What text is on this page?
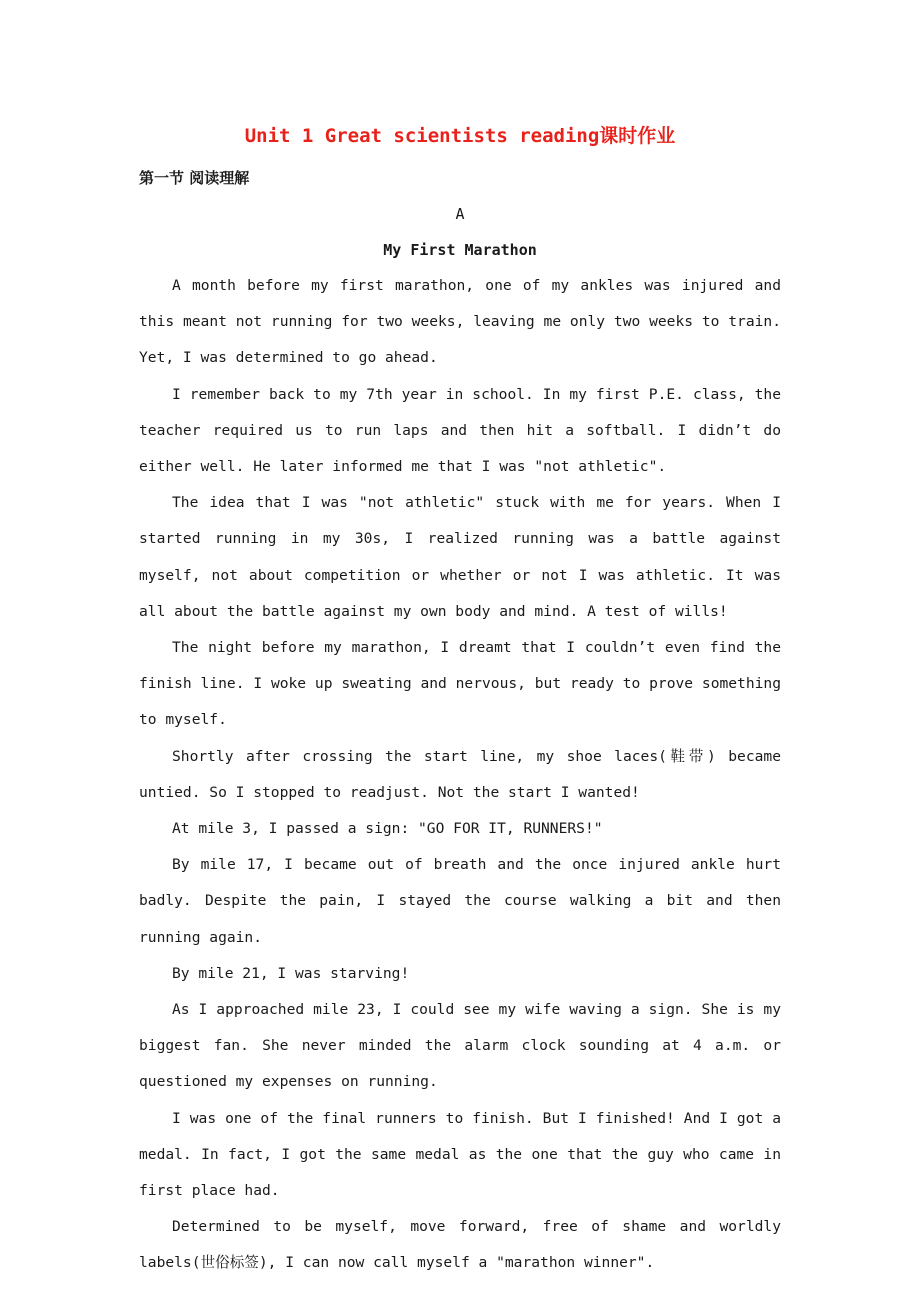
Unit 1 Great scientists reading课时作业
第一节 阅读理解
A
My First Marathon

A month before my first marathon, one of my ankles was injured and this meant not running for two weeks, leaving me only two weeks to train. Yet, I was determined to go ahead.

I remember back to my 7th year in school. In my first P.E. class, the teacher required us to run laps and then hit a softball. I didn’t do either well. He later informed me that I was "not athletic".

The idea that I was "not athletic" stuck with me for years. When I started running in my 30s, I realized running was a battle against myself, not about competition or whether or not I was athletic. It was all about the battle against my own body and mind. A test of wills!

The night before my marathon, I dreamt that I couldn’t even find the finish line. I woke up sweating and nervous, but ready to prove something to myself.

Shortly after crossing the start line, my shoe laces(鞋带) became untied. So I stopped to readjust. Not the start I wanted!

At mile 3, I passed a sign: "GO FOR IT, RUNNERS!"

By mile 17, I became out of breath and the once injured ankle hurt badly. Despite the pain, I stayed the course walking a bit and then running again.

By mile 21, I was starving!

As I approached mile 23, I could see my wife waving a sign. She is my biggest fan. She never minded the alarm clock sounding at 4 a.m. or questioned my expenses on running.

I was one of the final runners to finish. But I finished! And I got a medal. In fact, I got the same medal as the one that the guy who came in first place had.

Determined to be myself, move forward, free of shame and worldly labels(世俗标签), I can now call myself a "marathon winner".
